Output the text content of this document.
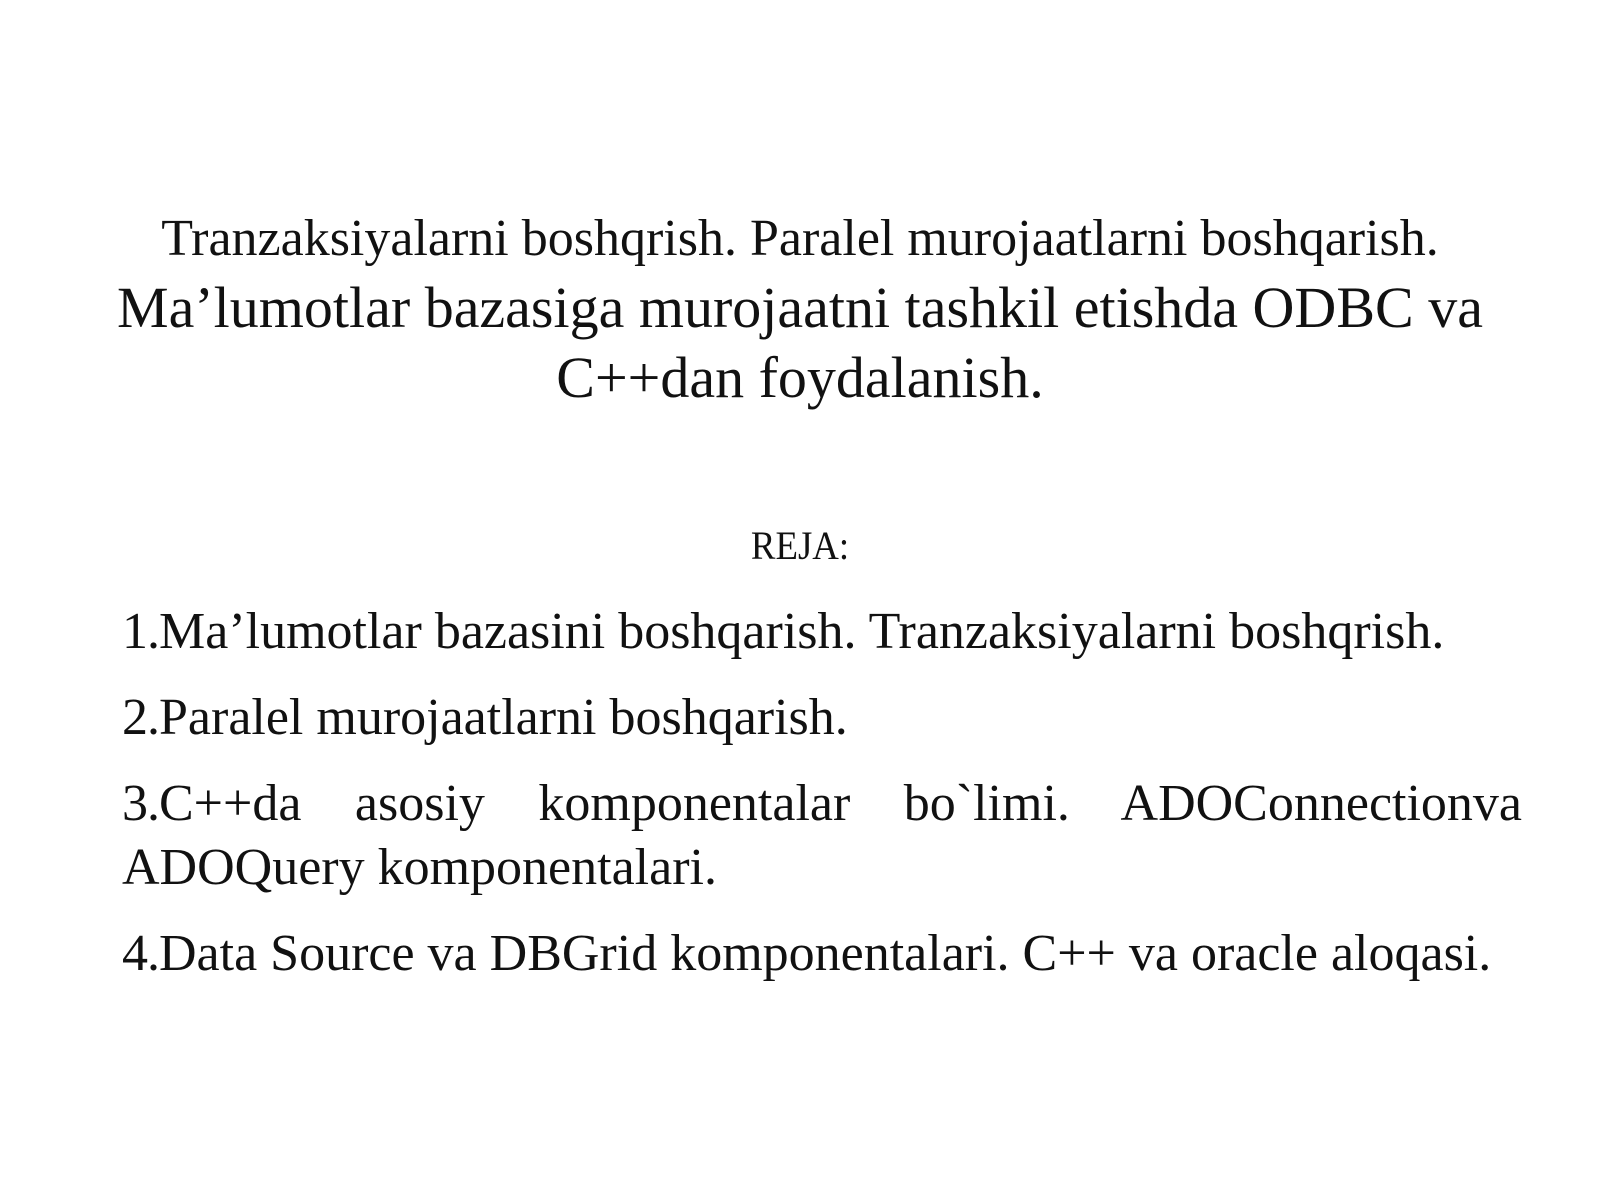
Tranzaksiyalarni boshqrish. Paralel murojaatlarni boshqarish.
Ma’lumotlar bazasiga murojaatni tashkil etishda ODBC va C++dan foydalanish.
REJA:
1.Ma’lumotlar bazasini boshqarish. Tranzaksiyalarni boshqrish.
2.Paralel murojaatlarni boshqarish.
3.C++da asosiy komponentalar bo`limi. ADOConnectionva ADOQuery komponentalari.
4.Data Source va DBGrid komponentalari. C++ va oracle aloqasi.
